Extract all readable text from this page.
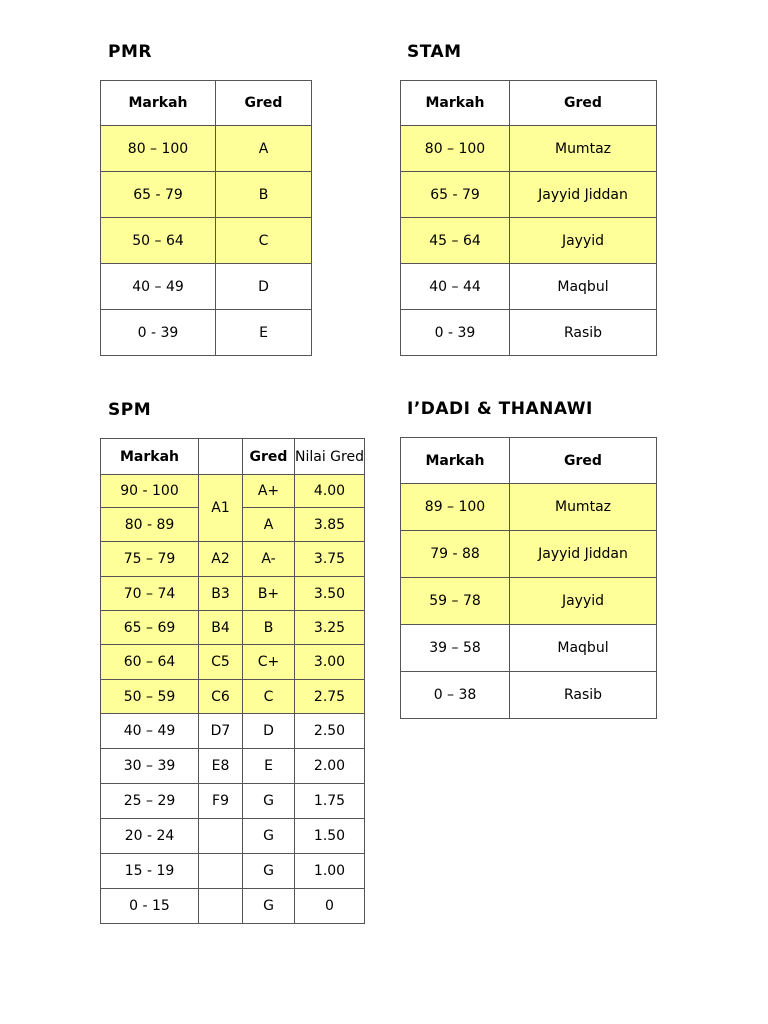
PMR
Markah	Gred
80 – 100	A
65 - 79	B
50 – 64	C
40 – 49	D
0 - 39	E
STAM
Markah	Gred
80 – 100	Mumtaz
65 - 79	Jayyid Jiddan
45 – 64	Jayyid
40 – 44	Maqbul
0 - 39	Rasib
SPM
Markah		Gred	Nilai Gred
90 - 100	A1	A+	4.00
80 - 89		A	3.85
75 – 79	A2	A-	3.75
70 – 74	B3	B+	3.50
65 – 69	B4	B	3.25
60 – 64	C5	C+	3.00
50 – 59	C6	C	2.75
40 – 49	D7	D	2.50
30 – 39	E8	E	2.00
25 – 29	F9	G	1.75
20 - 24		G	1.50
15 - 19		G	1.00
0 - 15		G	0
I’DADI & THANAWI
Markah	Gred
89 – 100	Mumtaz
79 - 88	Jayyid Jiddan
59 – 78	Jayyid
39 – 58	Maqbul
0 – 38	Rasib
